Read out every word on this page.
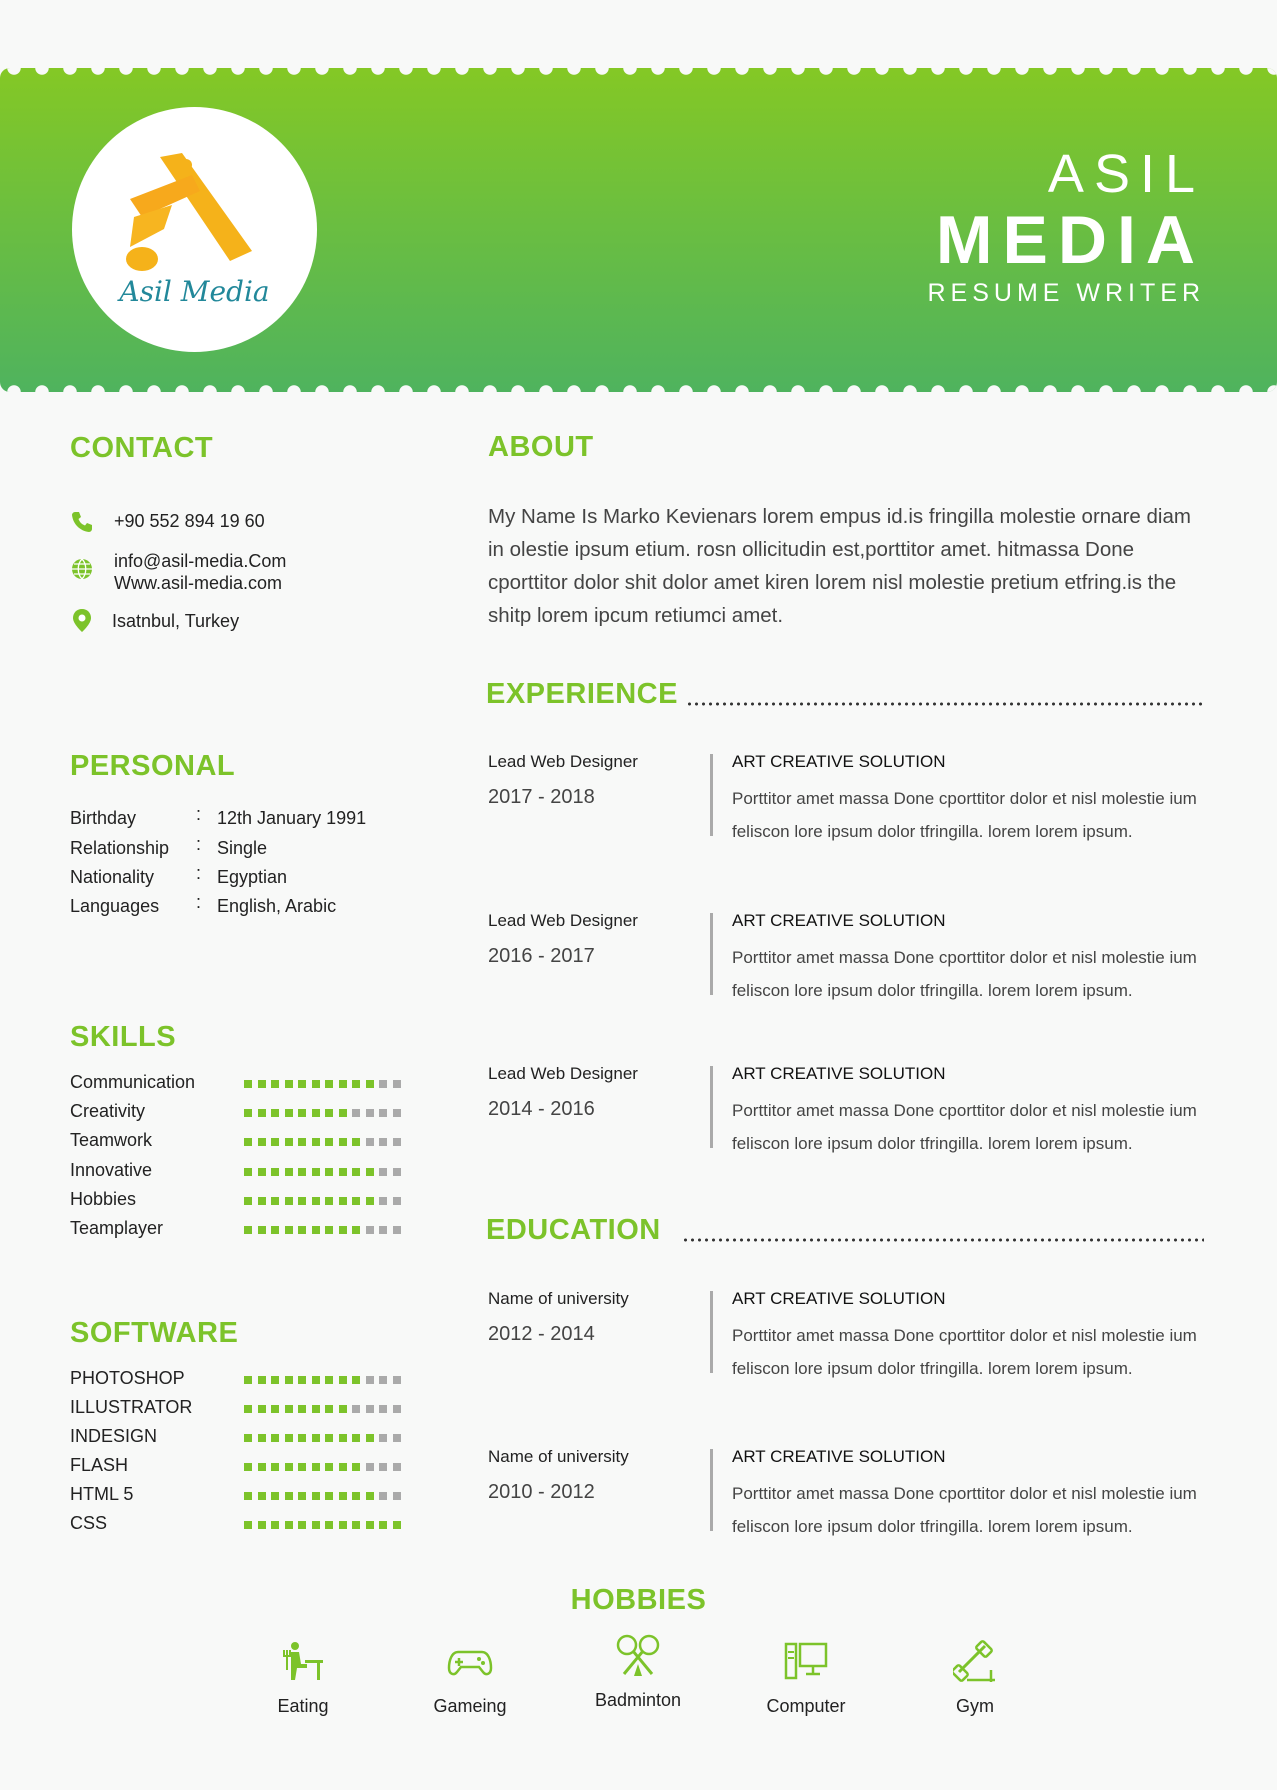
Asil Media
ASIL
MEDIA
RESUME WRITER
CONTACT
+90 552 894 19 60
info@asil-media.Com
Www.asil-media.com
Isatnbul, Turkey
PERSONAL
Birthday	: 12th January 1991
Relationship : Single
Nationality : Egyptian
Languages : English, Arabic
SKILLS
Communication
Creativity
Teamwork
Innovative
Hobbies
Teamplayer
SOFTWARE
PHOTOSHOP
ILLUSTRATOR
INDESIGN
FLASH
HTML 5
CSS
ABOUT
My Name Is Marko Kevienars lorem empus id.is fringilla molestie ornare diam in olestie ipsum etium. rosn ollicitudin est,porttitor amet. hitmassa Done cporttitor dolor shit dolor amet kiren lorem nisl molestie pretium etfring.is the shitp lorem ipcum retiumci amet.
EXPERIENCE
Lead Web Designer
2017 - 2018
ART CREATIVE SOLUTION
Porttitor amet massa Done cporttitor dolor et nisl molestie ium feliscon lore ipsum dolor tfringilla. lorem lorem ipsum.
Lead Web Designer
2016 - 2017
ART CREATIVE SOLUTION
Porttitor amet massa Done cporttitor dolor et nisl molestie ium feliscon lore ipsum dolor tfringilla. lorem lorem ipsum.
Lead Web Designer
2014 - 2016
ART CREATIVE SOLUTION
Porttitor amet massa Done cporttitor dolor et nisl molestie ium feliscon lore ipsum dolor tfringilla. lorem lorem ipsum.
EDUCATION
Name of university
2012 - 2014
ART CREATIVE SOLUTION
Porttitor amet massa Done cporttitor dolor et nisl molestie ium feliscon lore ipsum dolor tfringilla. lorem lorem ipsum.
Name of university
2010 - 2012
ART CREATIVE SOLUTION
Porttitor amet massa Done cporttitor dolor et nisl molestie ium feliscon lore ipsum dolor tfringilla. lorem lorem ipsum.
HOBBIES
Eating	Gameing	Badminton	Computer	Gym
